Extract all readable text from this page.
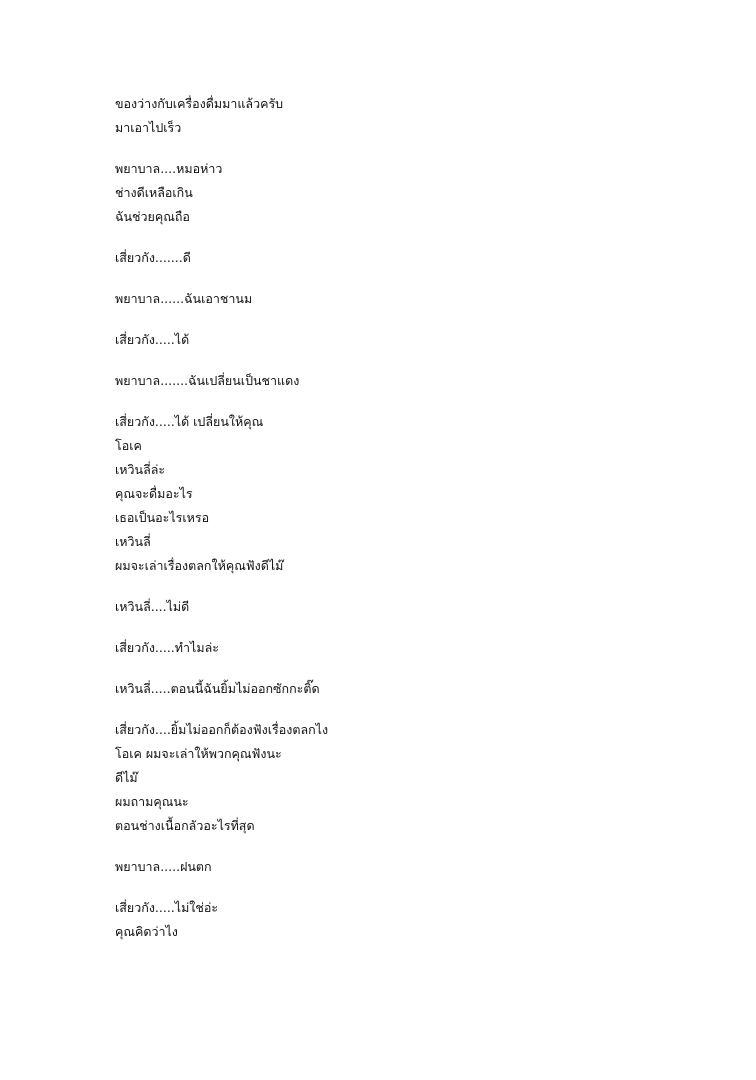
ของว่างกับเครื่องดื่มมาแล้วครับ
มาเอาไปเร็ว
พยาบาล....หมอห่าว
ช่างดีเหลือเกิน
ฉันช่วยคุณถือ
เสี่ยวกัง.......ดี
พยาบาล......ฉันเอาชานม
เสี่ยวกัง.....ได้
พยาบาล.......ฉันเปลี่ยนเป็นชาแดง
เสี่ยวกัง.....ได้ เปลี่ยนให้คุณ
โอเค
เหวินลี่ล่ะ
คุณจะดื่มอะไร
เธอเป็นอะไรเหรอ
เหวินลี่
ผมจะเล่าเรื่องตลกให้คุณฟังดีไม๊
เหวินลี่....ไม่ดี
เสี่ยวกัง.....ทำไมล่ะ
เหวินลี่.....ตอนนี้ฉันยิ้มไม่ออกซักกะติ๊ด
เสี่ยวกัง....ยิ้มไม่ออกก็ต้องฟังเรื่องตลกไง
โอเค ผมจะเล่าให้พวกคุณฟังนะ
ดีไม๊
ผมถามคุณนะ
ตอนช่างเนื้อกลัวอะไรที่สุด
พยาบาล.....ฝนตก
เสี่ยวกัง.....ไม่ใช่อ่ะ
คุณคิดว่าไง
